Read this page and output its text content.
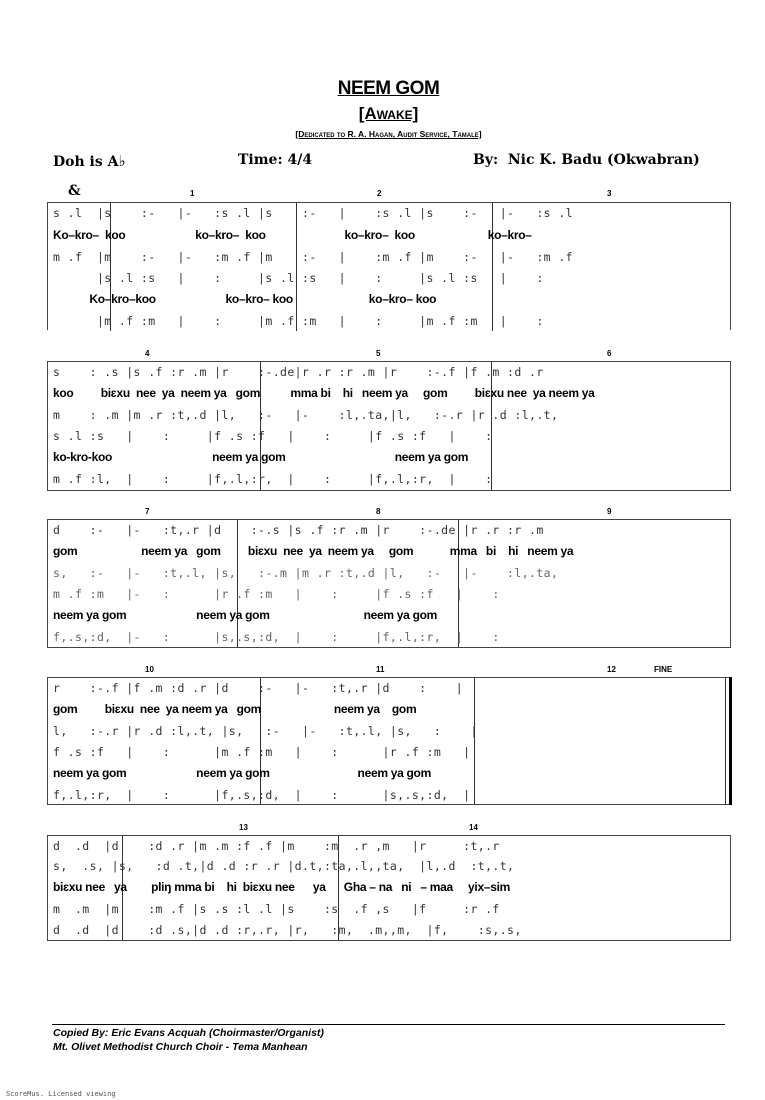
NEEM GOM
[Awake]
[Dedicated to R. A. Hagan, Audit Service, Tamale]
Doh is A♭	Time: 4/4	By:  Nic K. Badu (Okwabran)
&	1	2	3
s .l  |s    :-   |-   :s .l |s    :-   |    :s .l |s    :-   |-   :s .l
Ko–kro–  koo                       ko–kro–  koo                          ko–kro–  koo                        ko–kro–
m .f  |m    :-   |-   :m .f |m    :-   |    :m .f |m    :-   |-   :m .f
|s .l :s   |    :     |s .l :s   |    :     |s .l :s   |    :
Ko–kro–koo                       ko–kro– koo                         ko–kro– koo
|m .f :m   |    :     |m .f :m   |    :     |m .f :m   |    :
4	5	6
s    : .s |s .f :r .m |r    :-.de|r .r :r .m |r    :-.f |f .m :d .r
koo         biɛxu  nee  ya  neem ya   gom          mma bi    hi   neem ya     gom         biɛxu nee  ya neem ya
m    : .m |m .r :t,.d |l,   :-   |-    :l,.ta,|l,   :-.r |r .d :l,.t,
s .l :s   |    :     |f .s :f   |    :     |f .s :f   |    :
ko-kro-koo                                 neem ya gom                                    neem ya gom
m .f :l,  |    :     |f,.l,:r,  |    :     |f,.l,:r,  |    :
7	8	9
d    :-   |-   :t,.r |d    :-.s |s .f :r .m |r    :-.de |r .r :r .m
gom                     neem ya   gom         biɛxu  nee  ya  neem ya     gom            mma   bi    hi   neem ya
s,   :-   |-   :t,.l, |s,   :-.m |m .r :t,.d |l,   :-   |-    :l,.ta,
m .f :m   |-   :      |r .f :m   |    :     |f .s :f   |    :
neem ya gom                       neem ya gom                               neem ya gom
f,.s,:d,  |-   :      |s,.s,:d,  |    :     |f,.l,:r,  |    :
10	11	12	FINE
r    :-.f |f .m :d .r |d    :-   |-   :t,.r |d    :    |
gom         biɛxu  nee  ya neem ya   gom                        neem ya    gom
l,   :-.r |r .d :l,.t, |s,   :-   |-   :t,.l, |s,   :    |
f .s :f   |    :      |m .f :m   |    :      |r .f :m   |
neem ya gom                       neem ya gom                             neem ya gom
f,.l,:r,  |    :      |f,.s,:d,  |    :      |s,.s,:d,  |
13	14
d  .d  |d    :d .r |m .m :f .f |m    :m  .r ,m   |r     :t,.r
s,  .s, |s,   :d .t,|d .d :r .r |d.t,:ta,.l,,ta,  |l,.d  :t,.t,
biɛxu nee   ya        pliŋ mma bi    hi  biɛxu nee      ya      Gha – na   ni   – maa     yix–sim
m  .m  |m    :m .f |s .s :l .l |s    :s  .f ,s   |f     :r .f
d  .d  |d    :d .s,|d .d :r,.r, |r,   :m,  .m,,m,  |f,    :s,.s,
Copied By: Eric Evans Acquah (Choirmaster/Organist)
Mt. Olivet Methodist Church Choir - Tema Manhean
ScoreMus. Licensed viewing
